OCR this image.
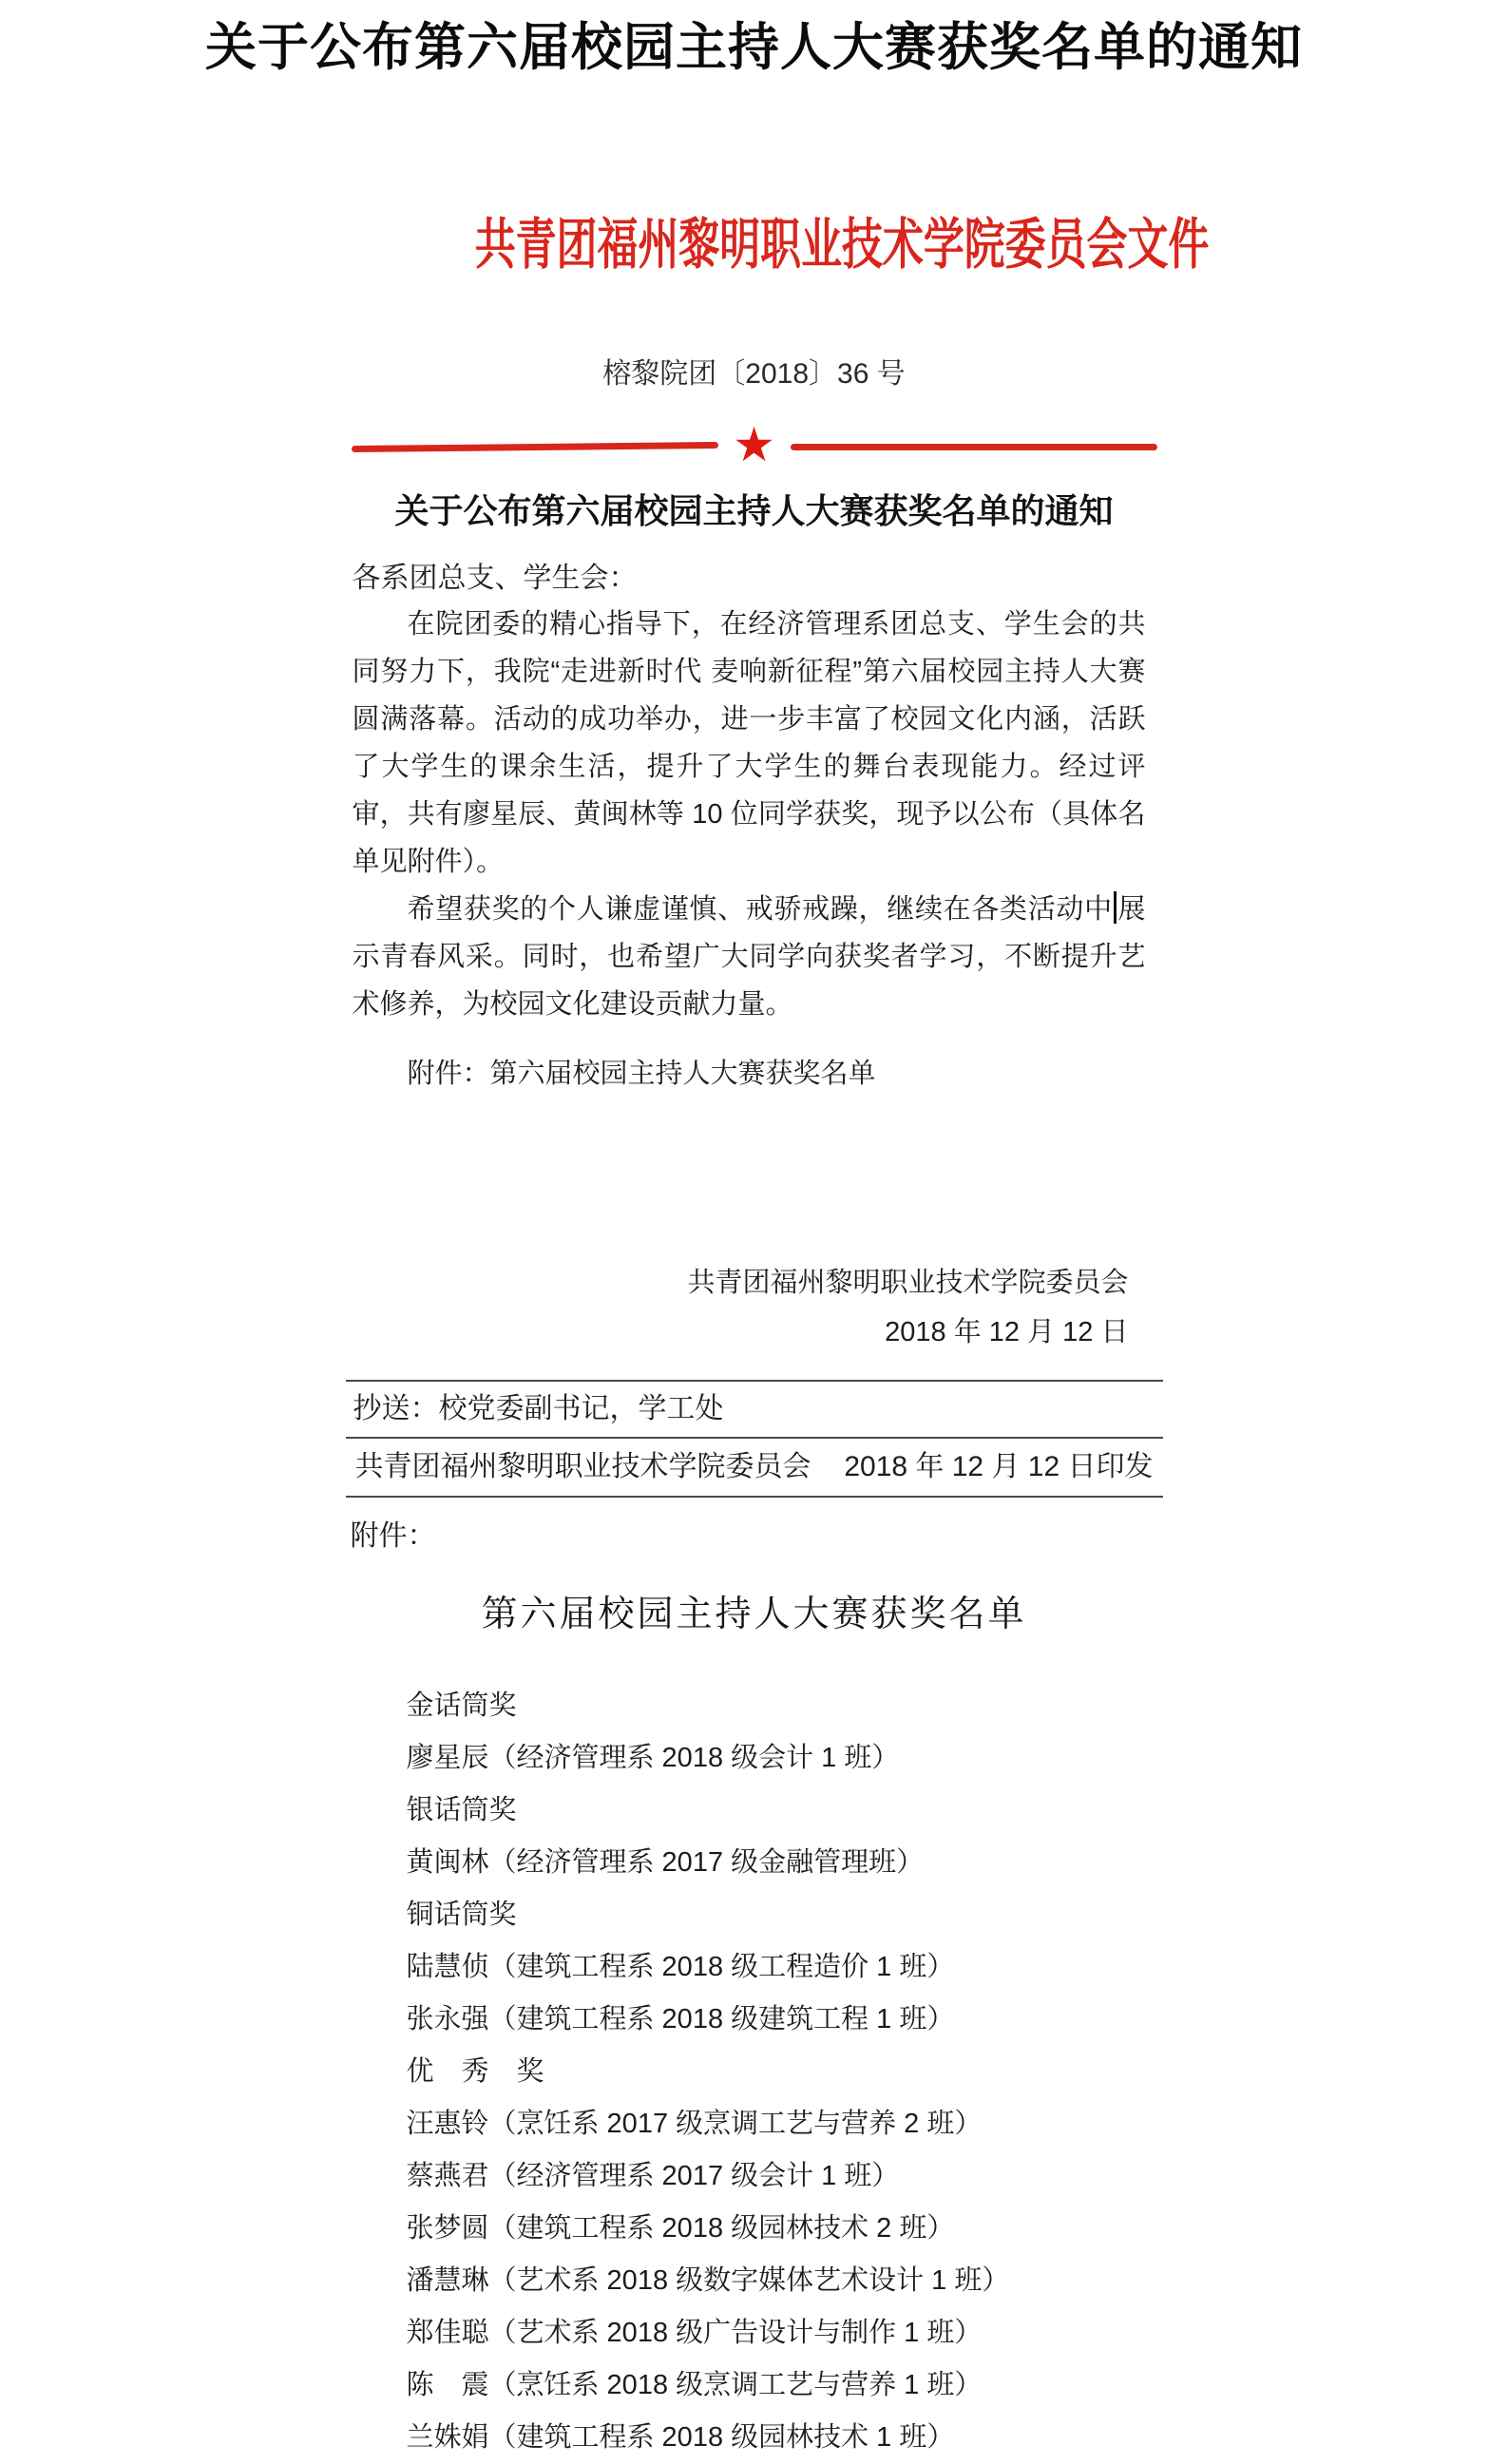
关于公布第六届校园主持人大赛获奖名单的通知
共青团福州黎明职业技术学院委员会文件
榕黎院团〔2018〕36 号
★
关于公布第六届校园主持人大赛获奖名单的通知
各系团总支、学生会：

在院团委的精心指导下，在经济管理系团总支、学生会的共同努力下，我院“走进新时代 麦响新征程”第六届校园主持人大赛圆满落幕。活动的成功举办，进一步丰富了校园文化内涵，活跃了大学生的课余生活，提升了大学生的舞台表现能力。经过评审，共有廖星辰、黄闽林等 10 位同学获奖，现予以公布（具体名单见附件）。

希望获奖的个人谦虚谨慎、戒骄戒躁，继续在各类活动中 展示青春风采。同时，也希望广大同学向获奖者学习，不断提升艺术修养，为校园文化建设贡献力量。

附件：第六届校园主持人大赛获奖名单
共青团福州黎明职业技术学院委员会
2018 年 12 月 12 日
抄送：校党委副书记，学工处
共青团福州黎明职业技术学院委员会 2018 年 12 月 12 日印发
附件：
第六届校园主持人大赛获奖名单
金话筒奖
廖星辰（经济管理系 2018 级会计 1 班）
银话筒奖
黄闽林（经济管理系 2017 级金融管理班）
铜话筒奖
陆慧侦（建筑工程系 2018 级工程造价 1 班）
张永强（建筑工程系 2018 级建筑工程 1 班）
优　秀　奖
汪惠铃（烹饪系 2017 级烹调工艺与营养 2 班）
蔡燕君（经济管理系 2017 级会计 1 班）
张梦圆（建筑工程系 2018 级园林技术 2 班）
潘慧琳（艺术系 2018 级数字媒体艺术设计 1 班）
郑佳聪（艺术系 2018 级广告设计与制作 1 班）
陈　震（烹饪系 2018 级烹调工艺与营养 1 班）
兰姝娟（建筑工程系 2018 级园林技术 1 班）
